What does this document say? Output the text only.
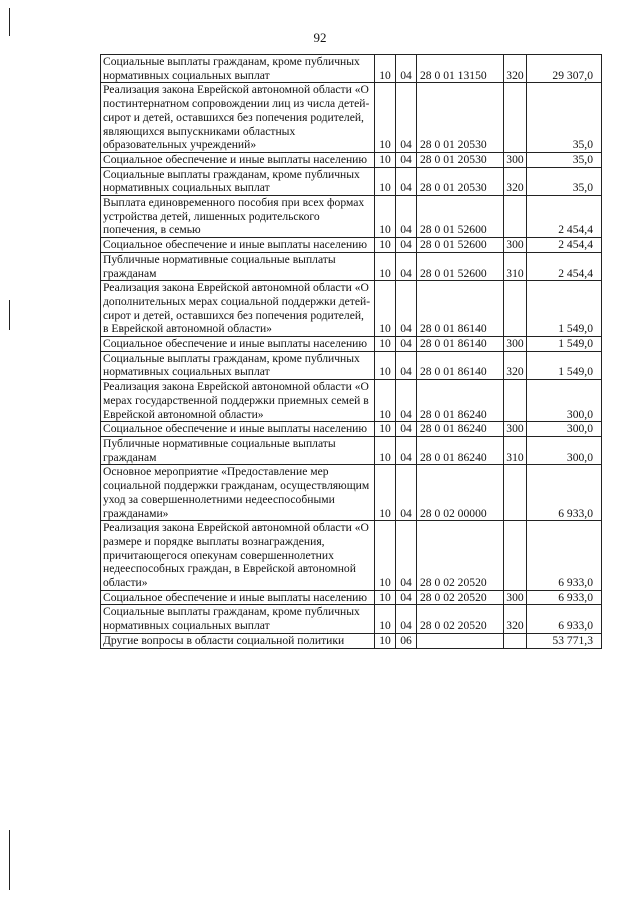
92
Социальные выплаты гражданам, кроме публичных нормативных социальных выплат	10	04	28 0 01 13150	320	29 307,0
Реализация закона Еврейской автономной области «О постинтернатном сопровождении лиц из числа детей-сирот и детей, оставшихся без попечения родителей, являющихся выпускниками областных образовательных учреждений»	10	04	28 0 01 20530		35,0
Социальное обеспечение и иные выплаты населению	10	04	28 0 01 20530	300	35,0
Социальные выплаты гражданам, кроме публичных нормативных социальных выплат	10	04	28 0 01 20530	320	35,0
Выплата единовременного пособия при всех формах устройства детей, лишенных родительского попечения, в семью	10	04	28 0 01 52600		2 454,4
Социальное обеспечение и иные выплаты населению	10	04	28 0 01 52600	300	2 454,4
Публичные нормативные социальные выплаты гражданам	10	04	28 0 01 52600	310	2 454,4
Реализация закона Еврейской автономной области «О дополнительных мерах социальной поддержки детей-сирот и детей, оставшихся без попечения родителей, в Еврейской автономной области»	10	04	28 0 01 86140		1 549,0
Социальное обеспечение и иные выплаты населению	10	04	28 0 01 86140	300	1 549,0
Социальные выплаты гражданам, кроме публичных нормативных социальных выплат	10	04	28 0 01 86140	320	1 549,0
Реализация закона Еврейской автономной области «О мерах государственной поддержки приемных семей в Еврейской автономной области»	10	04	28 0 01 86240		300,0
Социальное обеспечение и иные выплаты населению	10	04	28 0 01 86240	300	300,0
Публичные нормативные социальные выплаты гражданам	10	04	28 0 01 86240	310	300,0
Основное мероприятие «Предоставление мер социальной поддержки гражданам, осуществляющим уход за совершеннолетними недееспособными гражданами»	10	04	28 0 02 00000		6 933,0
Реализация закона Еврейской автономной области «О размере и порядке выплаты вознаграждения, причитающегося опекунам совершеннолетних недееспособных граждан, в Еврейской автономной области»	10	04	28 0 02 20520		6 933,0
Социальное обеспечение и иные выплаты населению	10	04	28 0 02 20520	300	6 933,0
Социальные выплаты гражданам, кроме публичных нормативных социальных выплат	10	04	28 0 02 20520	320	6 933,0
Другие вопросы в области социальной политики	10	06			53 771,3
